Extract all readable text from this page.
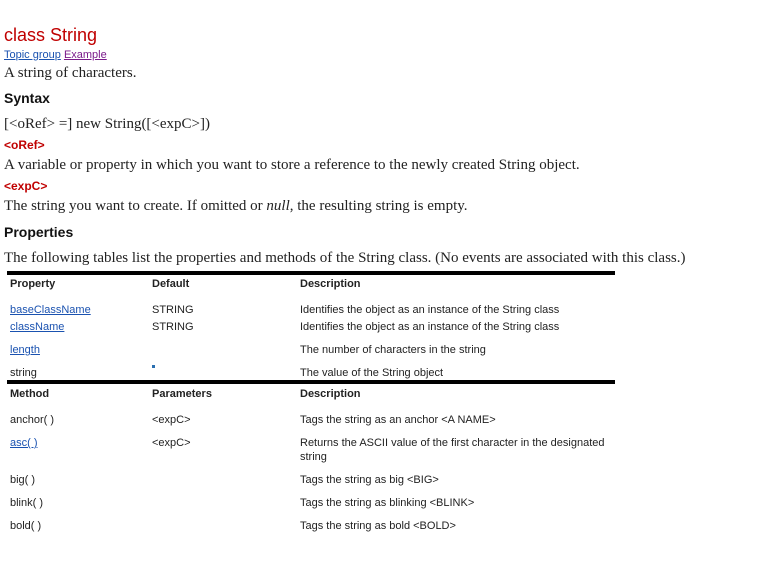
class String
Topic group Example

A string of characters.

Syntax

[<oRef> =] new String([<expC>])

<oRef>

A variable or property in which you want to store a reference to the newly created String object.

<expC>

The string you want to create. If omitted or null, the resulting string is empty.

Properties

The following tables list the properties and methods of the String class. (No events are associated with this class.)

Property	Default	Description
baseClassName	STRING	Identifies the object as an instance of the String class
className	STRING	Identifies the object as an instance of the String class
length		The number of characters in the string
string		The value of the String object
Method	Parameters	Description
anchor( )	<expC>	Tags the string as an anchor <A NAME>
asc( )	<expC>	Returns the ASCII value of the first character in the designated string
big( )		Tags the string as big <BIG>
blink( )		Tags the string as blinking <BLINK>
bold( )		Tags the string as bold <BOLD>
